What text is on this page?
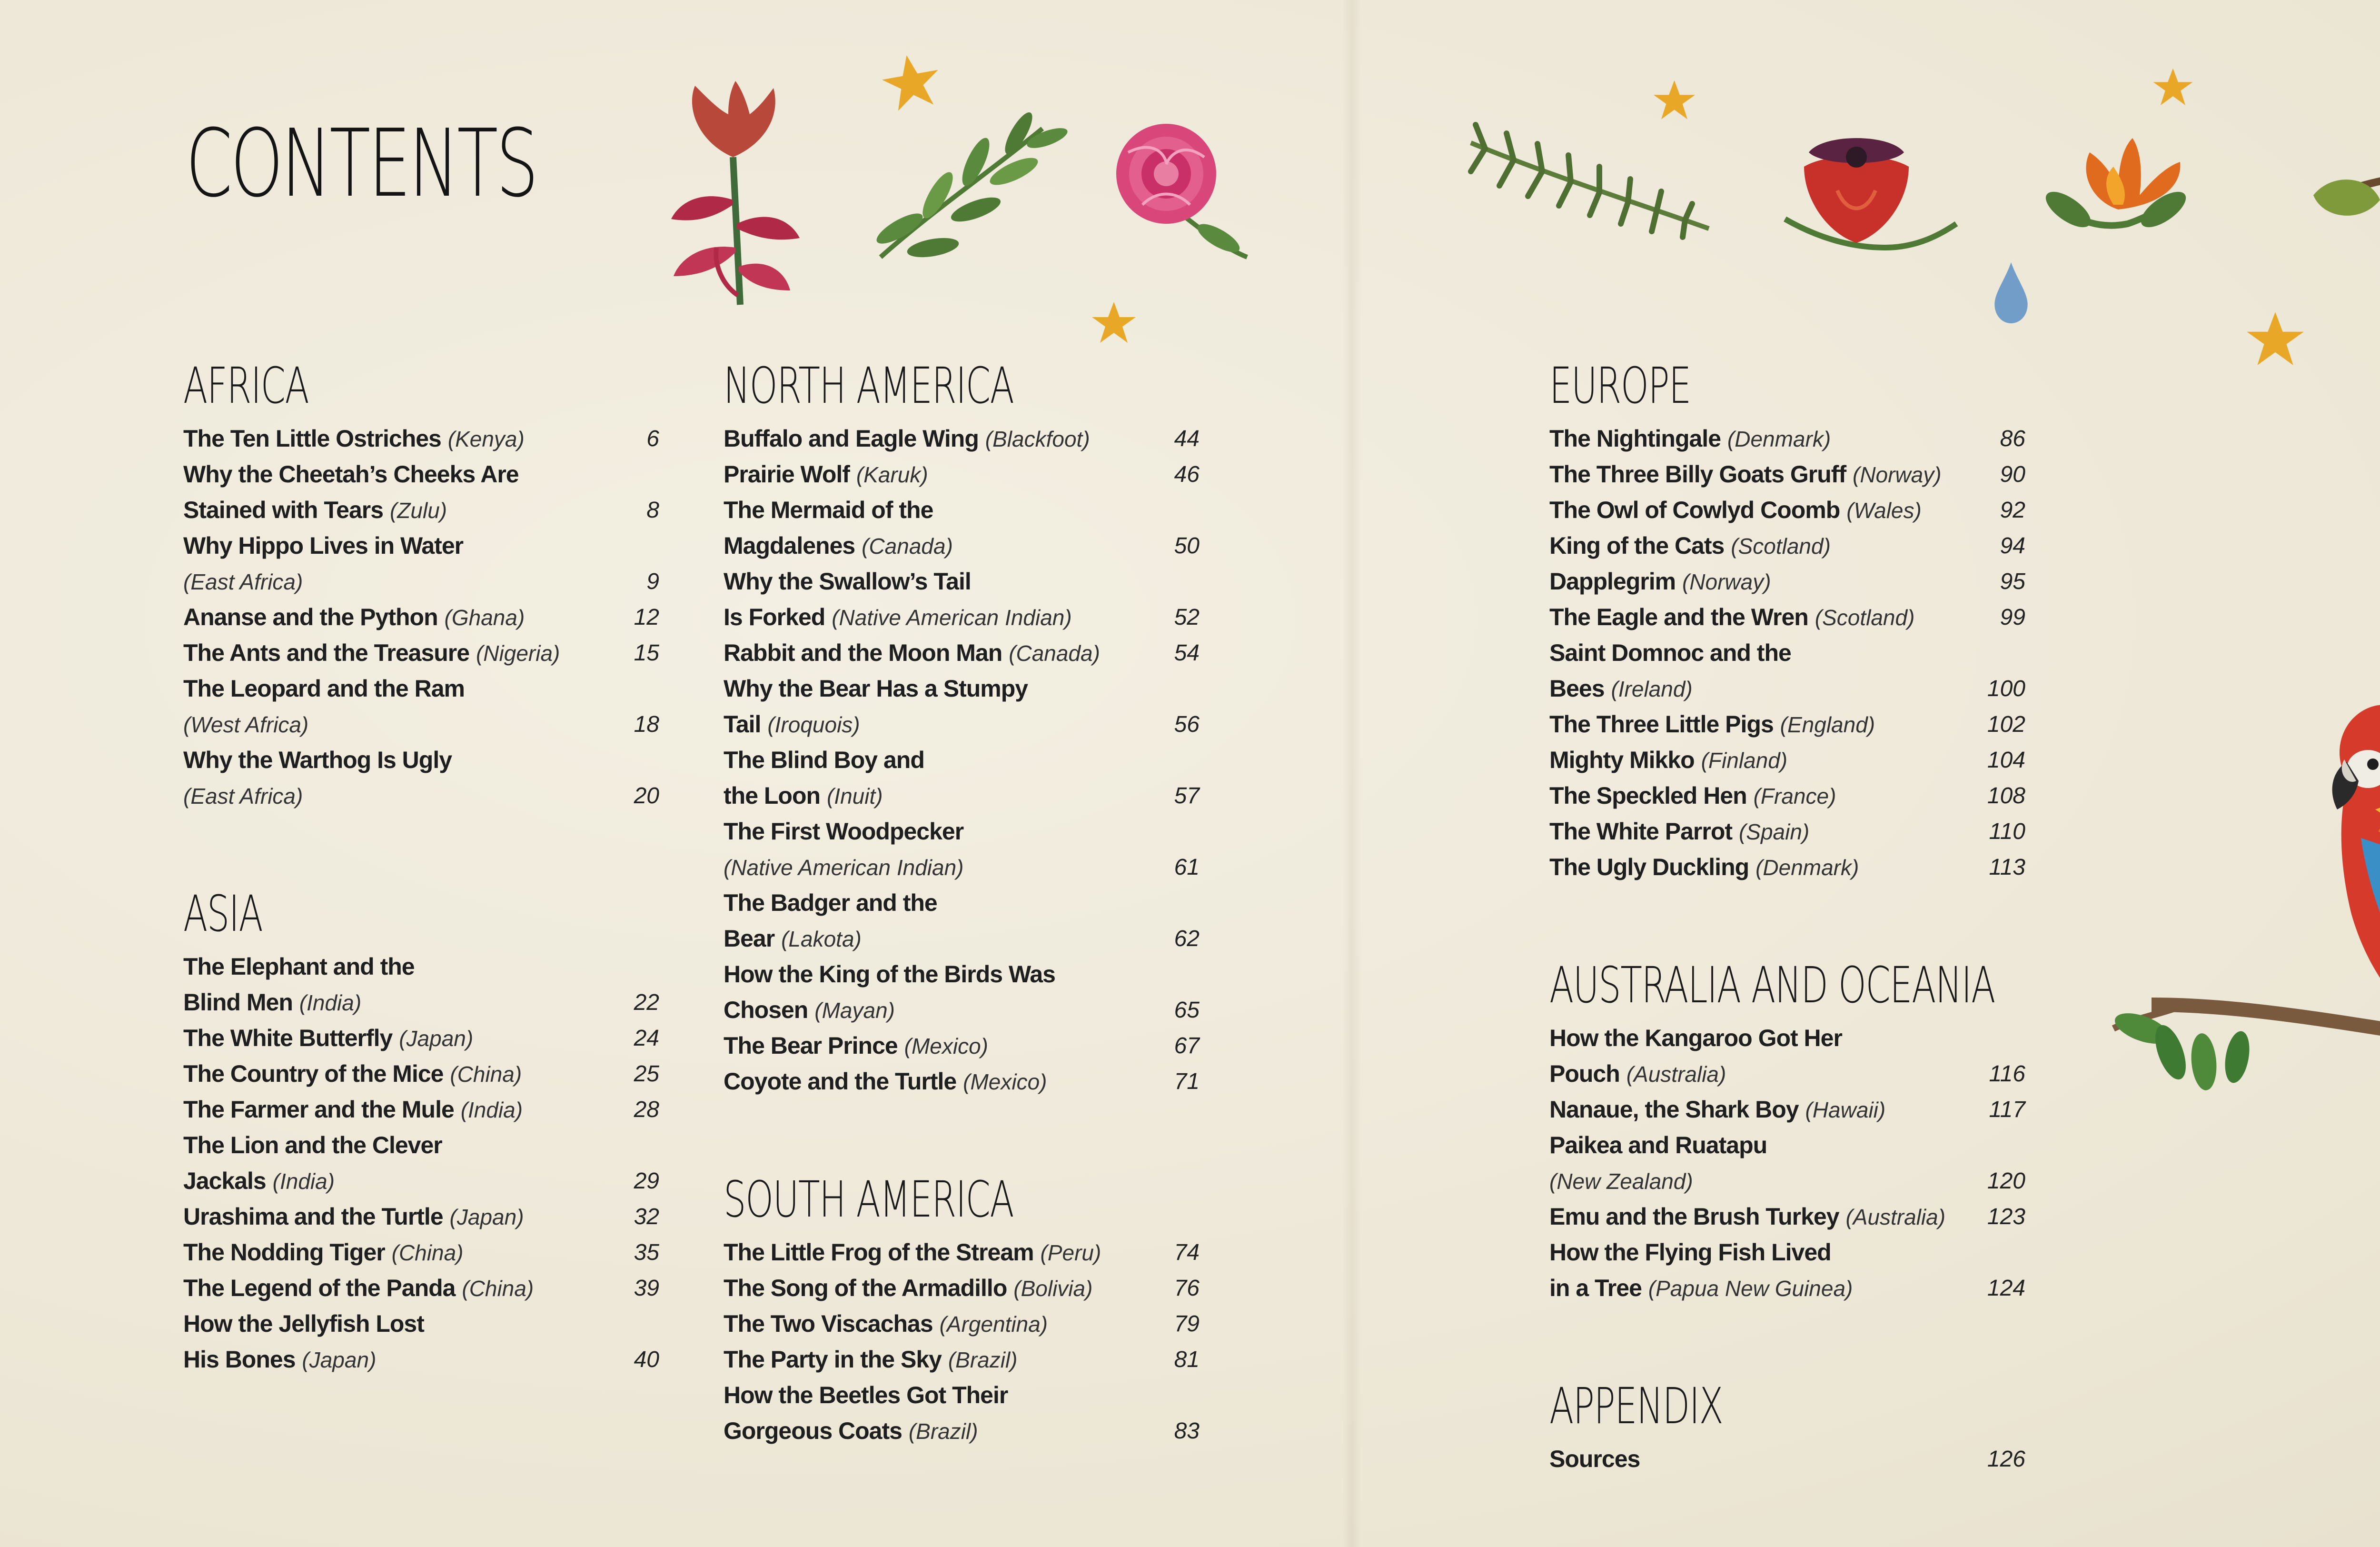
CONTENTS
AFRICA
The Ten Little Ostriches (Kenya)	6
Why the Cheetah’s Cheeks Are
Stained with Tears (Zulu)	8
Why Hippo Lives in Water
(East Africa)	9
Ananse and the Python (Ghana)	12
The Ants and the Treasure (Nigeria)	15
The Leopard and the Ram
(West Africa)	18
Why the Warthog Is Ugly
(East Africa)	20
ASIA
The Elephant and the
Blind Men (India)	22
The White Butterfly (Japan)	24
The Country of the Mice (China)	25
The Farmer and the Mule (India)	28
The Lion and the Clever
Jackals (India)	29
Urashima and the Turtle (Japan)	32
The Nodding Tiger (China)	35
The Legend of the Panda (China)	39
How the Jellyfish Lost
His Bones (Japan)	40
NORTH AMERICA
Buffalo and Eagle Wing (Blackfoot)	44
Prairie Wolf (Karuk)	46
The Mermaid of the
Magdalenes (Canada)	50
Why the Swallow’s Tail
Is Forked (Native American Indian)	52
Rabbit and the Moon Man (Canada)	54
Why the Bear Has a Stumpy
Tail (Iroquois)	56
The Blind Boy and
the Loon (Inuit)	57
The First Woodpecker
(Native American Indian)	61
The Badger and the
Bear (Lakota)	62
How the King of the Birds Was
Chosen (Mayan)	65
The Bear Prince (Mexico)	67
Coyote and the Turtle (Mexico)	71
SOUTH AMERICA
The Little Frog of the Stream (Peru)	74
The Song of the Armadillo (Bolivia)	76
The Two Viscachas (Argentina)	79
The Party in the Sky (Brazil)	81
How the Beetles Got Their
Gorgeous Coats (Brazil)	83
EUROPE
The Nightingale (Denmark)	86
The Three Billy Goats Gruff (Norway)	90
The Owl of Cowlyd Coomb (Wales)	92
King of the Cats (Scotland)	94
Dapplegrim (Norway)	95
The Eagle and the Wren (Scotland)	99
Saint Domnoc and the
Bees (Ireland)	100
The Three Little Pigs (England)	102
Mighty Mikko (Finland)	104
The Speckled Hen (France)	108
The White Parrot (Spain)	110
The Ugly Duckling (Denmark)	113
AUSTRALIA AND OCEANIA
How the Kangaroo Got Her
Pouch (Australia)	116
Nanaue, the Shark Boy (Hawaii)	117
Paikea and Ruatapu
(New Zealand)	120
Emu and the Brush Turkey (Australia)	123
How the Flying Fish Lived
in a Tree (Papua New Guinea)	124
APPENDIX
Sources	126
